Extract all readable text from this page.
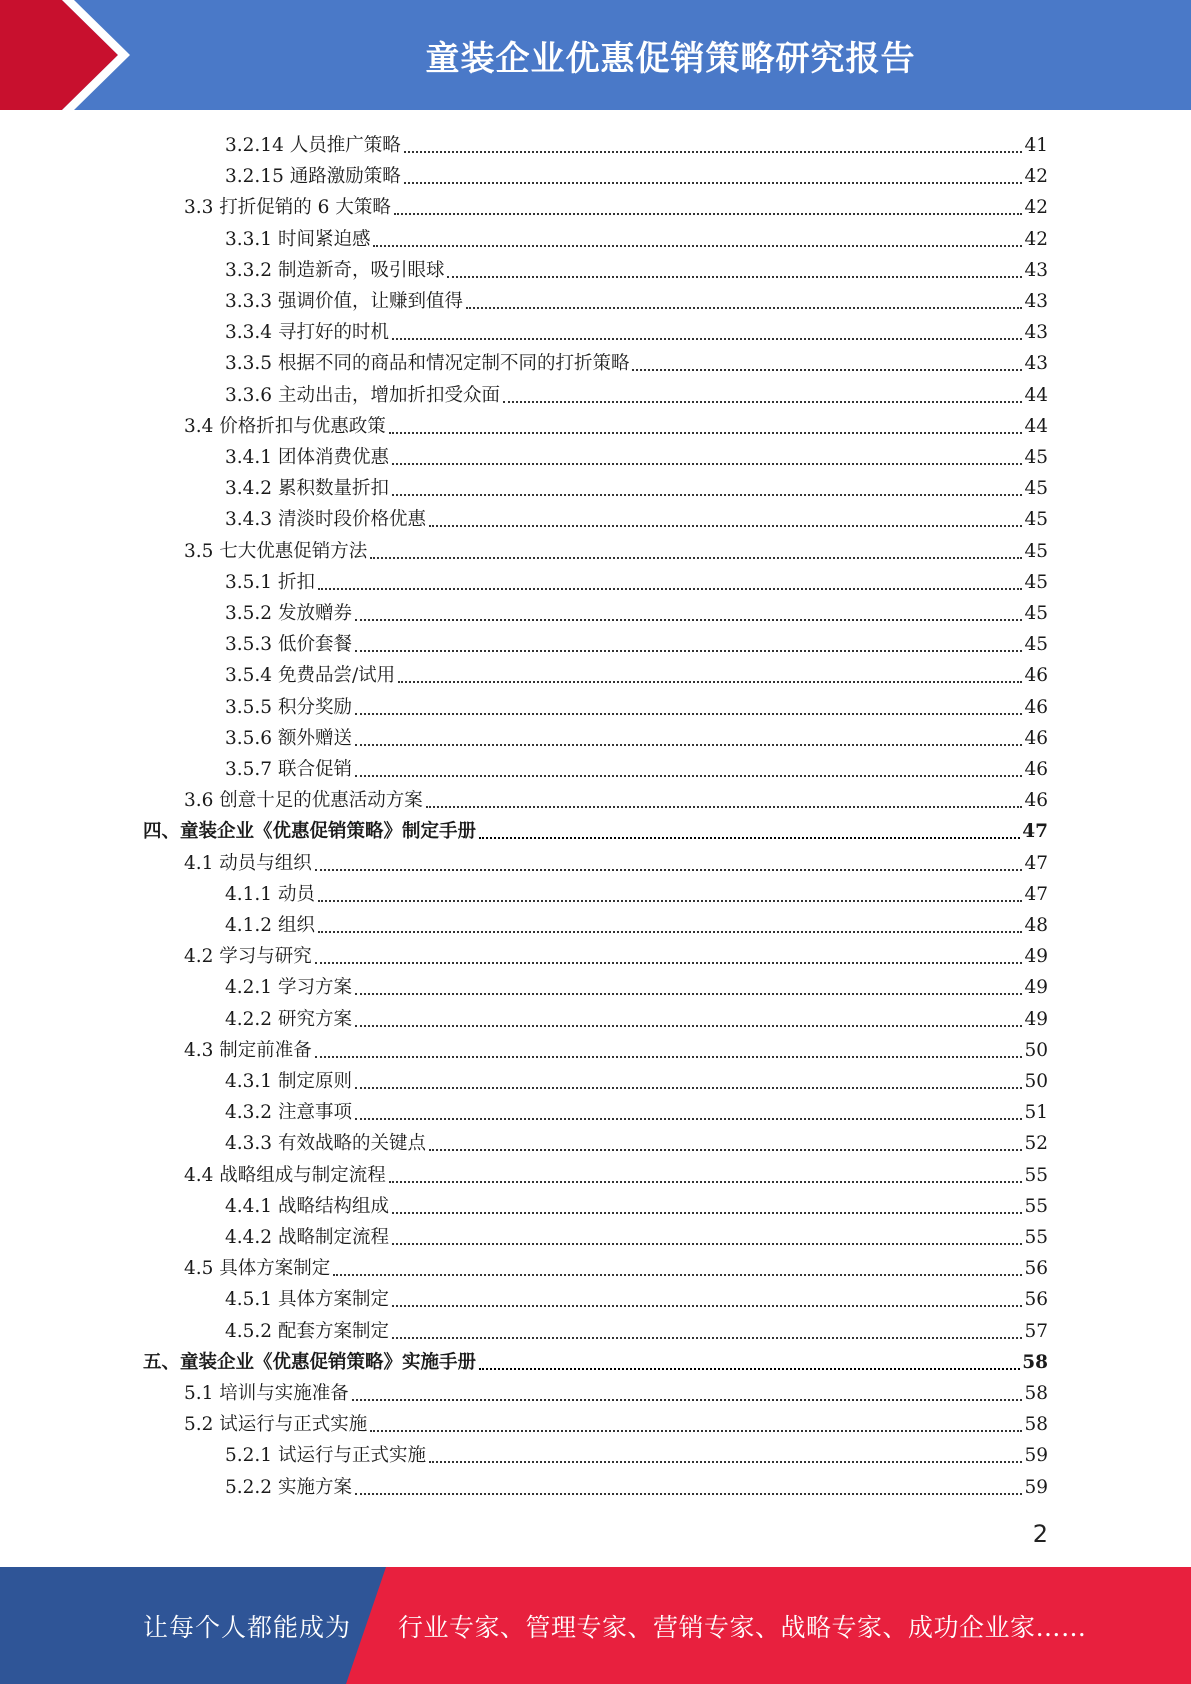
童装企业优惠促销策略研究报告
3.2.14 人员推广策略	41
3.2.15 通路激励策略	42
3.3 打折促销的 6 大策略	42
3.3.1 时间紧迫感	42
3.3.2 制造新奇，吸引眼球	43
3.3.3 强调价值，让赚到值得	43
3.3.4 寻打好的时机	43
3.3.5 根据不同的商品和情况定制不同的打折策略	43
3.3.6 主动出击，增加折扣受众面	44
3.4 价格折扣与优惠政策	44
3.4.1 团体消费优惠	45
3.4.2 累积数量折扣	45
3.4.3 清淡时段价格优惠	45
3.5 七大优惠促销方法	45
3.5.1 折扣	45
3.5.2 发放赠券	45
3.5.3 低价套餐	45
3.5.4 免费品尝/试用	46
3.5.5 积分奖励	46
3.5.6 额外赠送	46
3.5.7 联合促销	46
3.6 创意十足的优惠活动方案	46
四、童装企业《优惠促销策略》制定手册	47
4.1 动员与组织	47
4.1.1 动员	47
4.1.2 组织	48
4.2 学习与研究	49
4.2.1 学习方案	49
4.2.2 研究方案	49
4.3 制定前准备	50
4.3.1 制定原则	50
4.3.2 注意事项	51
4.3.3 有效战略的关键点	52
4.4 战略组成与制定流程	55
4.4.1 战略结构组成	55
4.4.2 战略制定流程	55
4.5 具体方案制定	56
4.5.1 具体方案制定	56
4.5.2 配套方案制定	57
五、童装企业《优惠促销策略》实施手册	58
5.1 培训与实施准备	58
5.2 试运行与正式实施	58
5.2.1 试运行与正式实施	59
5.2.2 实施方案	59
2
让每个人都能成为 行业专家、管理专家、营销专家、战略专家、成功企业家……
